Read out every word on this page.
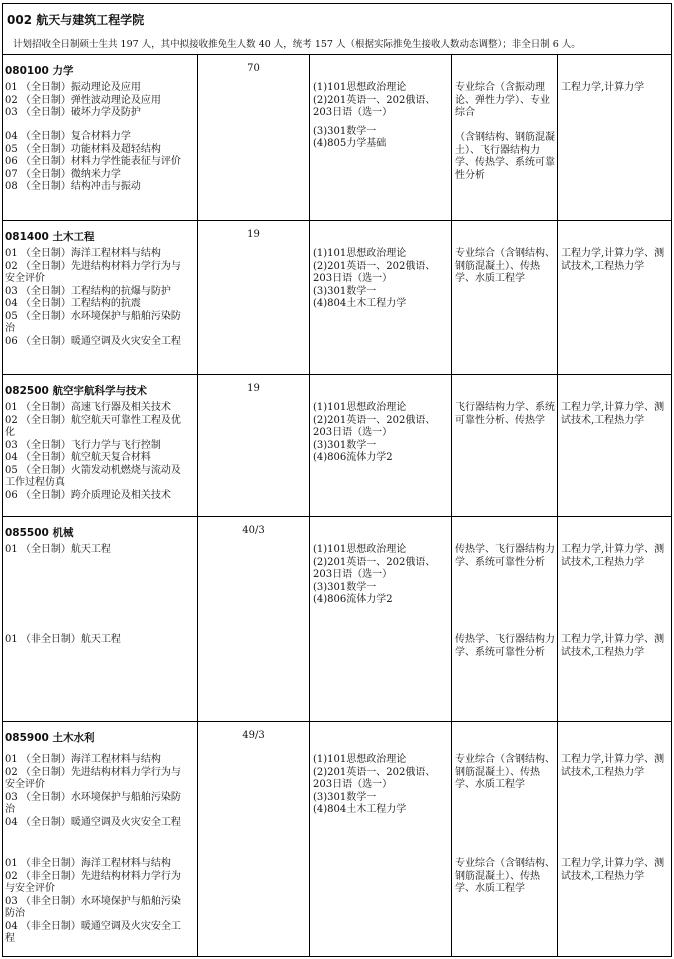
002 航天与建筑工程学院
计划招收全日制硕士生共 197 人，其中拟接收推免生人数 40 人，统考 157 人（根据实际推免生接收人数动态调整）；非全日制 6 人。
080100 力学
01 （全日制）振动理论及应用
02 （全日制）弹性波动理论及应用
03 （全日制）破坏力学及防护
04 （全日制）复合材料力学
05 （全日制）功能材料及超轻结构
06 （全日制）材料力学性能表征与评价
07 （全日制）微纳米力学
08 （全日制）结构冲击与振动
70
(1)101思想政治理论
(2)201英语一、202俄语、
203日语（选一）
(3)301数学一
(4)805力学基础
专业综合（含振动理论、弹性力学）、专业综合
（含钢结构、钢筋混凝土）、飞行器结构力学、传热学、系统可靠性分析
工程力学,计算力学
081400 土木工程
01 （全日制）海洋工程材料与结构
02 （全日制）先进结构材料力学行为与
安全评价
03 （全日制）工程结构的抗爆与防护
04 （全日制）工程结构的抗震
05 （全日制）水环境保护与船舶污染防
治
06 （全日制）暖通空调及火灾安全工程
19
(1)101思想政治理论
(2)201英语一、202俄语、
203日语（选一）
(3)301数学一
(4)804土木工程力学
专业综合（含钢结构、钢筋混凝土）、传热学、水质工程学
工程力学,计算力学、测试技术,工程热力学
082500 航空宇航科学与技术
01 （全日制）高速飞行器及相关技术
02 （全日制）航空航天可靠性工程及优
化
03 （全日制）飞行力学与飞行控制
04 （全日制）航空航天复合材料
05 （全日制）火箭发动机燃烧与流动及
工作过程仿真
06 （全日制）跨介质理论及相关技术
19
(1)101思想政治理论
(2)201英语一、202俄语、
203日语（选一）
(3)301数学一
(4)806流体力学2
飞行器结构力学、系统可靠性分析、传热学
工程力学,计算力学、测试技术,工程热力学
085500 机械
01 （全日制）航天工程
01 （非全日制）航天工程
40/3
(1)101思想政治理论
(2)201英语一、202俄语、
203日语（选一）
(3)301数学一
(4)806流体力学2
传热学、飞行器结构力学、系统可靠性分析
传热学、飞行器结构力学、系统可靠性分析
工程力学,计算力学、测试技术,工程热力学
工程力学,计算力学、测试技术,工程热力学
085900 土木水利
01 （全日制）海洋工程材料与结构
02 （全日制）先进结构材料力学行为与
安全评价
03 （全日制）水环境保护与船舶污染防
治
04 （全日制）暖通空调及火灾安全工程
01 （非全日制）海洋工程材料与结构
02 （非全日制）先进结构材料力学行为
与安全评价
03 （非全日制）水环境保护与船舶污染
防治
04 （非全日制）暖通空调及火灾安全工
程
49/3
(1)101思想政治理论
(2)201英语一、202俄语、
203日语（选一）
(3)301数学一
(4)804土木工程力学
专业综合（含钢结构、钢筋混凝土）、传热学、水质工程学
专业综合（含钢结构、钢筋混凝土）、传热学、水质工程学
工程力学,计算力学、测试技术,工程热力学
工程力学,计算力学、测试技术,工程热力学
